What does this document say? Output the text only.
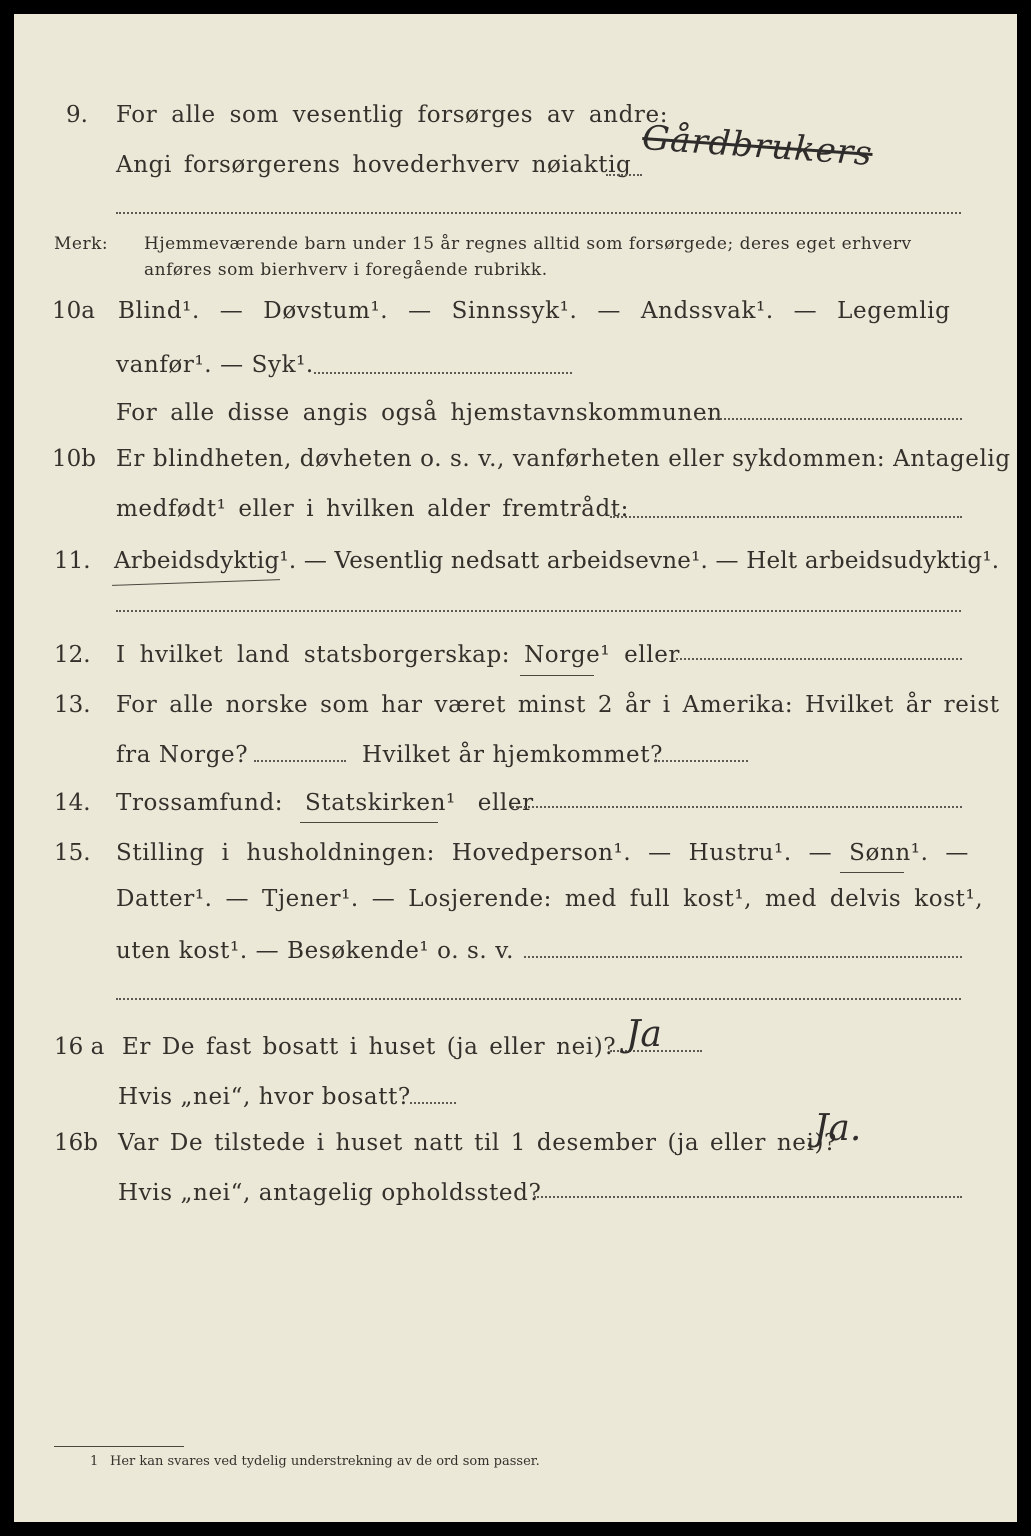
9. For alle som vesentlig forsørges av andre:
Angi forsørgerens hovederhverv nøiaktig Gårdbrukers
Merk: Hjemmeværende barn under 15 år regnes alltid som forsørgede; deres eget erhverv
anføres som bierhverv i foregående rubrikk.
10a Blind¹. — Døvstum¹. — Sinnssyk¹. — Andssvak¹. — Legemlig
vanfør¹. — Syk¹.
For alle disse angis også hjemstavnskommunen
10b Er blindheten, døvheten o. s. v., vanførheten eller sykdommen: Antagelig
medfødt¹ eller i hvilken alder fremtrådt:
11. Arbeidsdyktig¹. — Vesentlig nedsatt arbeidsevne¹. — Helt arbeidsudyktig¹.
12. I hvilket land statsborgerskap: Norge¹ eller
13. For alle norske som har været minst 2 år i Amerika: Hvilket år reist
fra Norge?	Hvilket år hjemkommet?
14. Trossamfund: Statskirken¹ eller
15. Stilling i husholdningen: Hovedperson¹. — Hustru¹. — Sønn¹. —
Datter¹. — Tjener¹. — Losjerende: med full kost¹, med delvis kost¹,
uten kost¹. — Besøkende¹ o. s. v.
16 a Er De fast bosatt i huset (ja eller nei)? Ja
Hvis „nei“, hvor bosatt?
16b Var De tilstede i huset natt til 1 desember (ja eller nei)?
Ja.
Hvis „nei“, antagelig opholdssted?
1 Her kan svares ved tydelig understrekning av de ord som passer.
